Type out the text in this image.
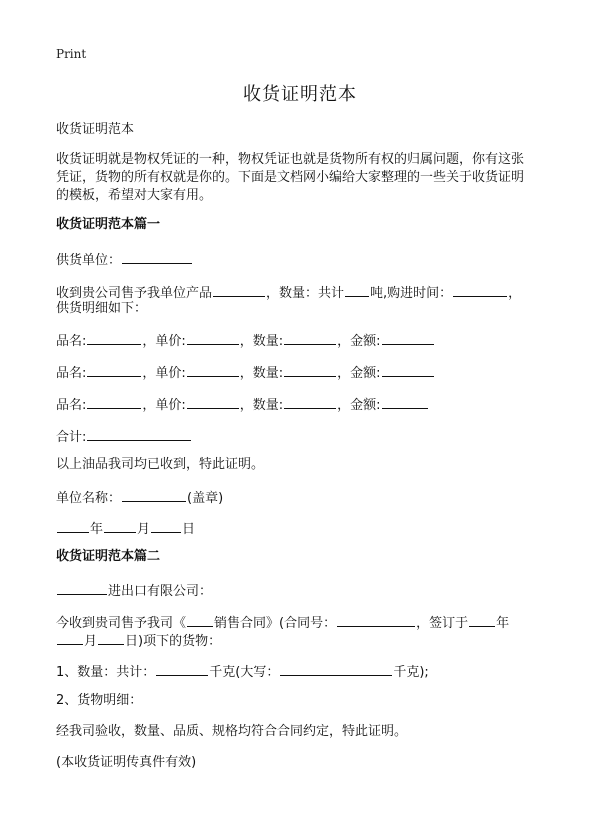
Print
收货证明范本
收货证明范本
收货证明就是物权凭证的一种，物权凭证也就是货物所有权的归属问题，你有这张
凭证，货物的所有权就是你的。下面是文档网小编给大家整理的一些关于收货证明
的模板，希望对大家有用。
收货证明范本篇一
供货单位：
收到贵公司售予我单位产品	，数量：共计 吨,购进时间：	，
供货明细如下：
品名:	，单价:	，数量:	，金额:
品名:	，单价:	，数量:	，金额:
品名:	，单价:	，数量:	，金额:
合计:
以上油品我司均已收到，特此证明。
单位名称：	(盖章)
年	月 日
收货证明范本篇二
进出口有限公司：
今收到贵司售予我司《 销售合同》(合同号：	，签订于 年
月 日)项下的货物：
1、数量：共计：	千克(大写：	千克);
2、货物明细：
经我司验收，数量、品质、规格均符合合同约定，特此证明。
(本收货证明传真件有效)
